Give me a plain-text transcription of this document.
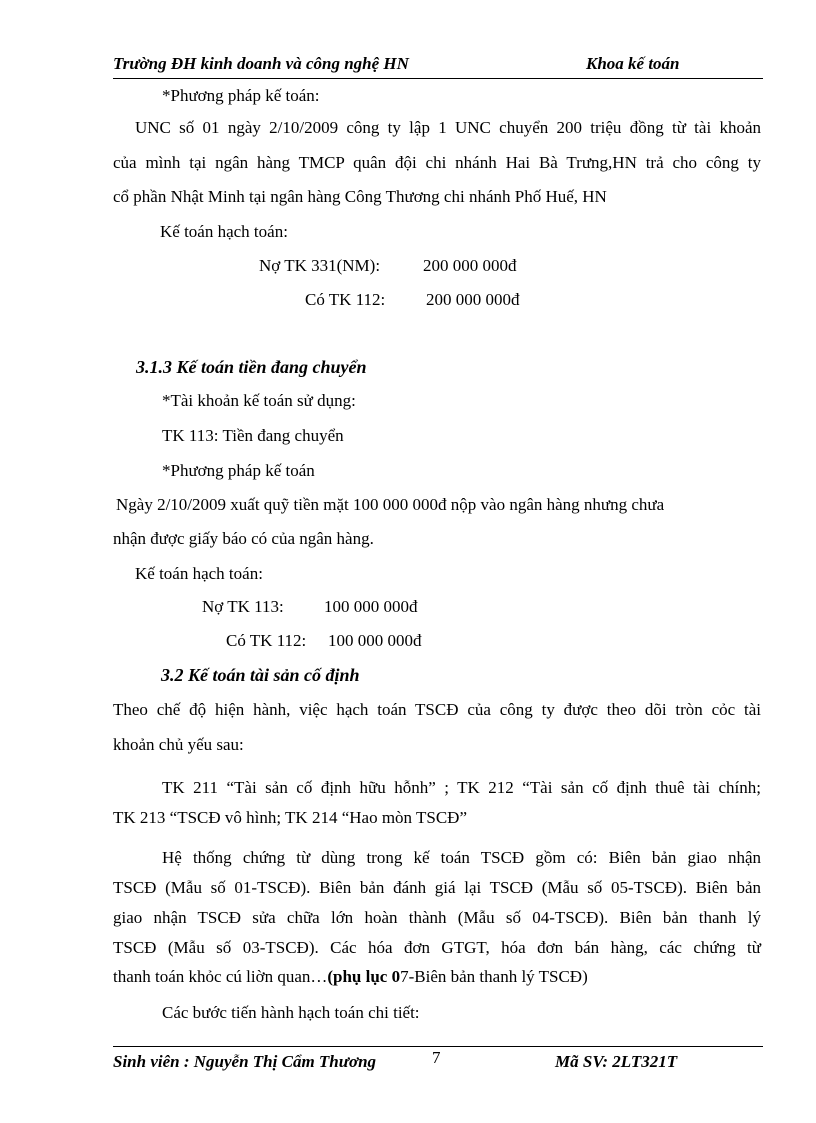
Trường ĐH kinh doanh và công nghệ HN	Khoa kế toán
*Phương pháp kế toán:
UNC số 01 ngày 2/10/2009 công ty lập 1 UNC chuyển 200 triệu đồng từ tài khoản
của mình tại ngân hàng TMCP quân đội chi nhánh Hai Bà Trưng,HN trả cho công ty
cổ phần Nhật Minh tại ngân hàng Công Thương chi nhánh Phố Huế, HN
Kế toán hạch toán:
Nợ TK 331(NM):	200 000 000đ
Có TK 112: 200 000 000đ
3.1.3 Kế toán tiền đang chuyển
*Tài khoản kế toán sử dụng:
TK 113: Tiền đang chuyển
*Phương pháp kế toán
Ngày 2/10/2009 xuất quỹ tiền mặt 100 000 000đ nộp vào ngân hàng nhưng chưa
nhận được giấy báo có của ngân hàng.
Kế toán hạch toán:
Nợ TK 113: 100 000 000đ
Có TK 112: 100 000 000đ
3.2 Kế toán tài sản cố định
Theo chế độ hiện hành, việc hạch toán TSCĐ của công ty được theo dõi tròn cỏc tài
khoản chủ yếu sau:
TK 211 “Tài sản cố định hữu hỗnh” ; TK 212 “Tài sản cố định thuê tài chính;
TK 213 “TSCĐ vô hình; TK 214 “Hao mòn TSCĐ”
Hệ thống chứng từ dùng trong kế toán TSCĐ gồm có: Biên bản giao nhận
TSCĐ (Mẫu số 01-TSCĐ). Biên bản đánh giá lại TSCĐ (Mẫu số 05-TSCĐ). Biên bản
giao nhận TSCĐ sửa chữa lớn hoàn thành (Mẫu số 04-TSCĐ). Biên bản thanh lý
TSCĐ (Mẫu số 03-TSCĐ). Các hóa đơn GTGT, hóa đơn bán hàng, các chứng từ
thanh toán khỏc cú liờn quan…(phụ lục 07-Biên bản thanh lý TSCĐ)
Các bước tiến hành hạch toán chi tiết:
Sinh viên : Nguyễn Thị Cẩm Thương	7	Mã SV: 2LT321T
